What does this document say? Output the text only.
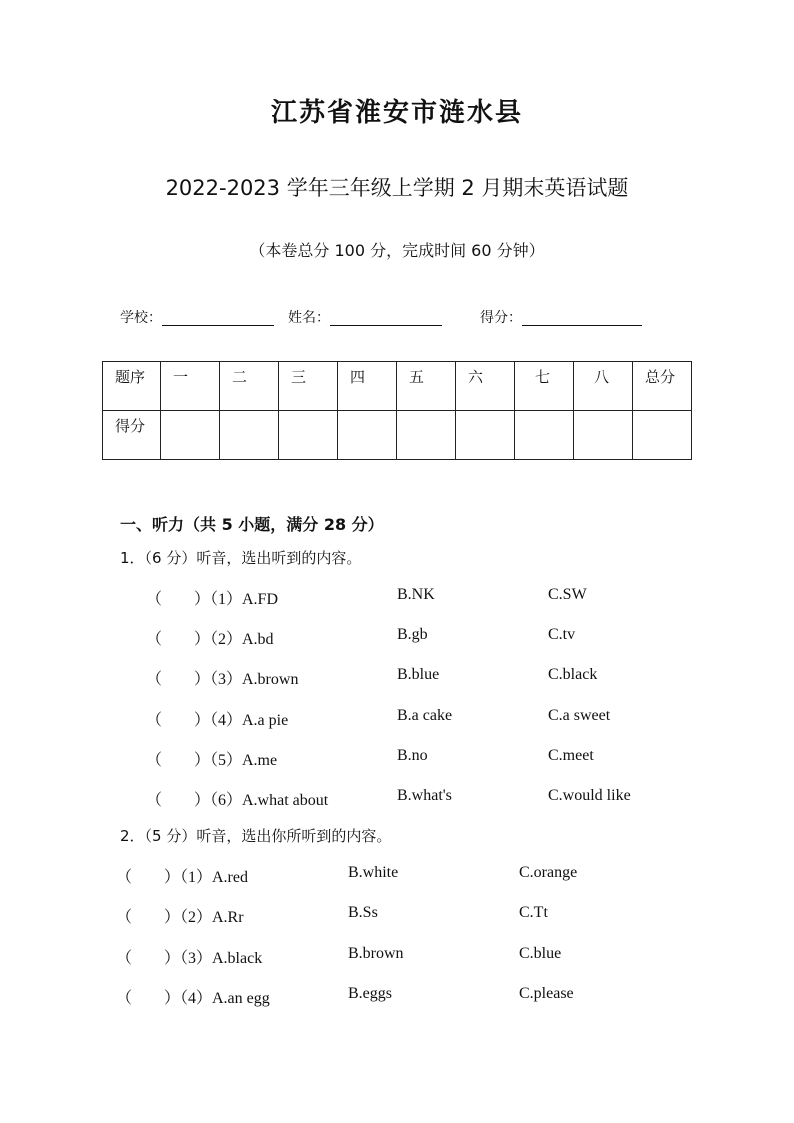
江苏省淮安市涟水县
2022-2023 学年三年级上学期 2 月期末英语试题
（本卷总分 100 分，完成时间 60 分钟）
学校：	姓名：	得分：
题序	一	二	三	四	五	六	七	八	总分
得分									
一、听力（共 5 小题，满分 28 分）
1．（6 分）听音，选出听到的内容。
（　　）（1）A.FD	B.NK	C.SW
（　　）（2）A.bd	B.gb	C.tv
（　　）（3）A.brown	B.blue	C.black
（　　）（4）A.a pie	B.a cake	C.a sweet
（　　）（5）A.me	B.no	C.meet
（　　）（6）A.what about	B.what's	C.would like
2．（5 分）听音，选出你所听到的内容。
（　　）（1）A.red	B.white	C.orange
（　　）（2）A.Rr	B.Ss	C.Tt
（　　）（3）A.black	B.brown	C.blue
（　　）（4）A.an egg	B.eggs	C.please
